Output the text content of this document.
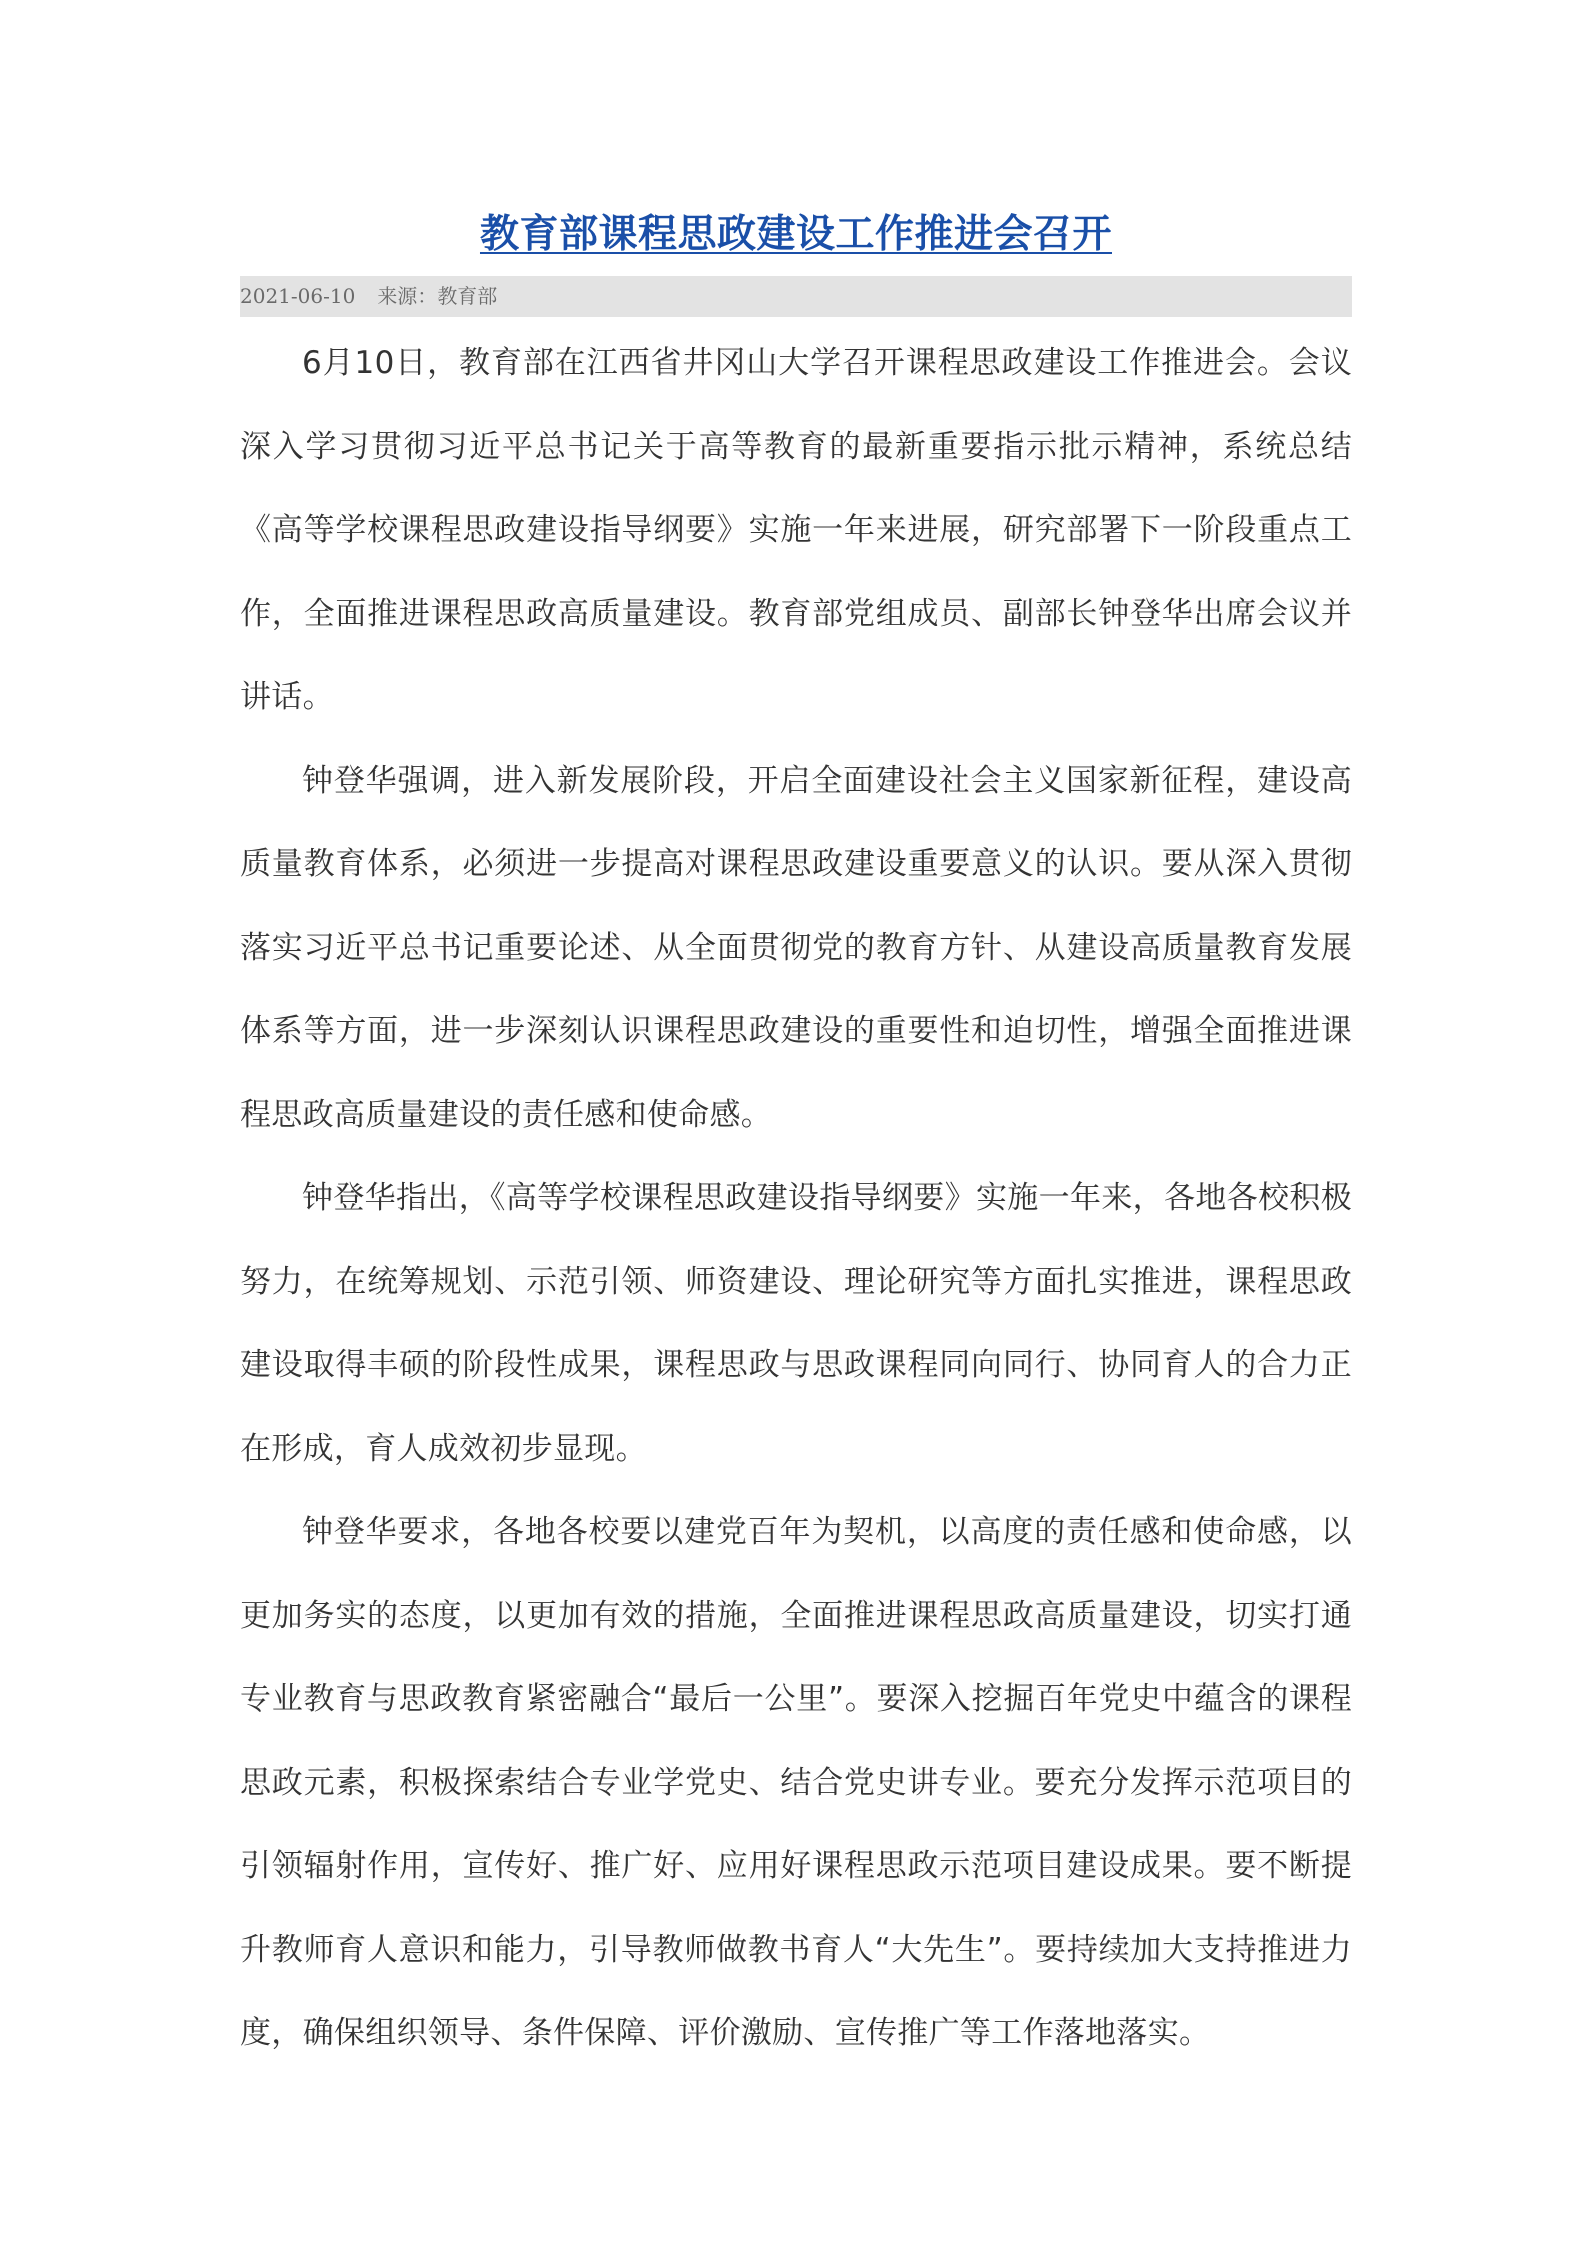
教育部课程思政建设工作推进会召开
2021-06-10 来源：教育部

6月10日，教育部在江西省井冈山大学召开课程思政建设工作推进会。会议深入学习贯彻习近平总书记关于高等教育的最新重要指示批示精神，系统总结《高等学校课程思政建设指导纲要》实施一年来进展，研究部署下一阶段重点工作，全面推进课程思政高质量建设。教育部党组成员、副部长钟登华出席会议并讲话。

钟登华强调，进入新发展阶段，开启全面建设社会主义国家新征程，建设高质量教育体系，必须进一步提高对课程思政建设重要意义的认识。要从深入贯彻落实习近平总书记重要论述、从全面贯彻党的教育方针、从建设高质量教育发展体系等方面，进一步深刻认识课程思政建设的重要性和迫切性，增强全面推进课程思政高质量建设的责任感和使命感。

钟登华指出，《高等学校课程思政建设指导纲要》实施一年来，各地各校积极努力，在统筹规划、示范引领、师资建设、理论研究等方面扎实推进，课程思政建设取得丰硕的阶段性成果，课程思政与思政课程同向同行、协同育人的合力正在形成，育人成效初步显现。

钟登华要求，各地各校要以建党百年为契机，以高度的责任感和使命感，以更加务实的态度，以更加有效的措施，全面推进课程思政高质量建设，切实打通专业教育与思政教育紧密融合“最后一公里”。要深入挖掘百年党史中蕴含的课程思政元素，积极探索结合专业学党史、结合党史讲专业。要充分发挥示范项目的引领辐射作用，宣传好、推广好、应用好课程思政示范项目建设成果。要不断提升教师育人意识和能力，引导教师做教书育人“大先生”。要持续加大支持推进力度，确保组织领导、条件保障、评价激励、宣传推广等工作落地落实。
